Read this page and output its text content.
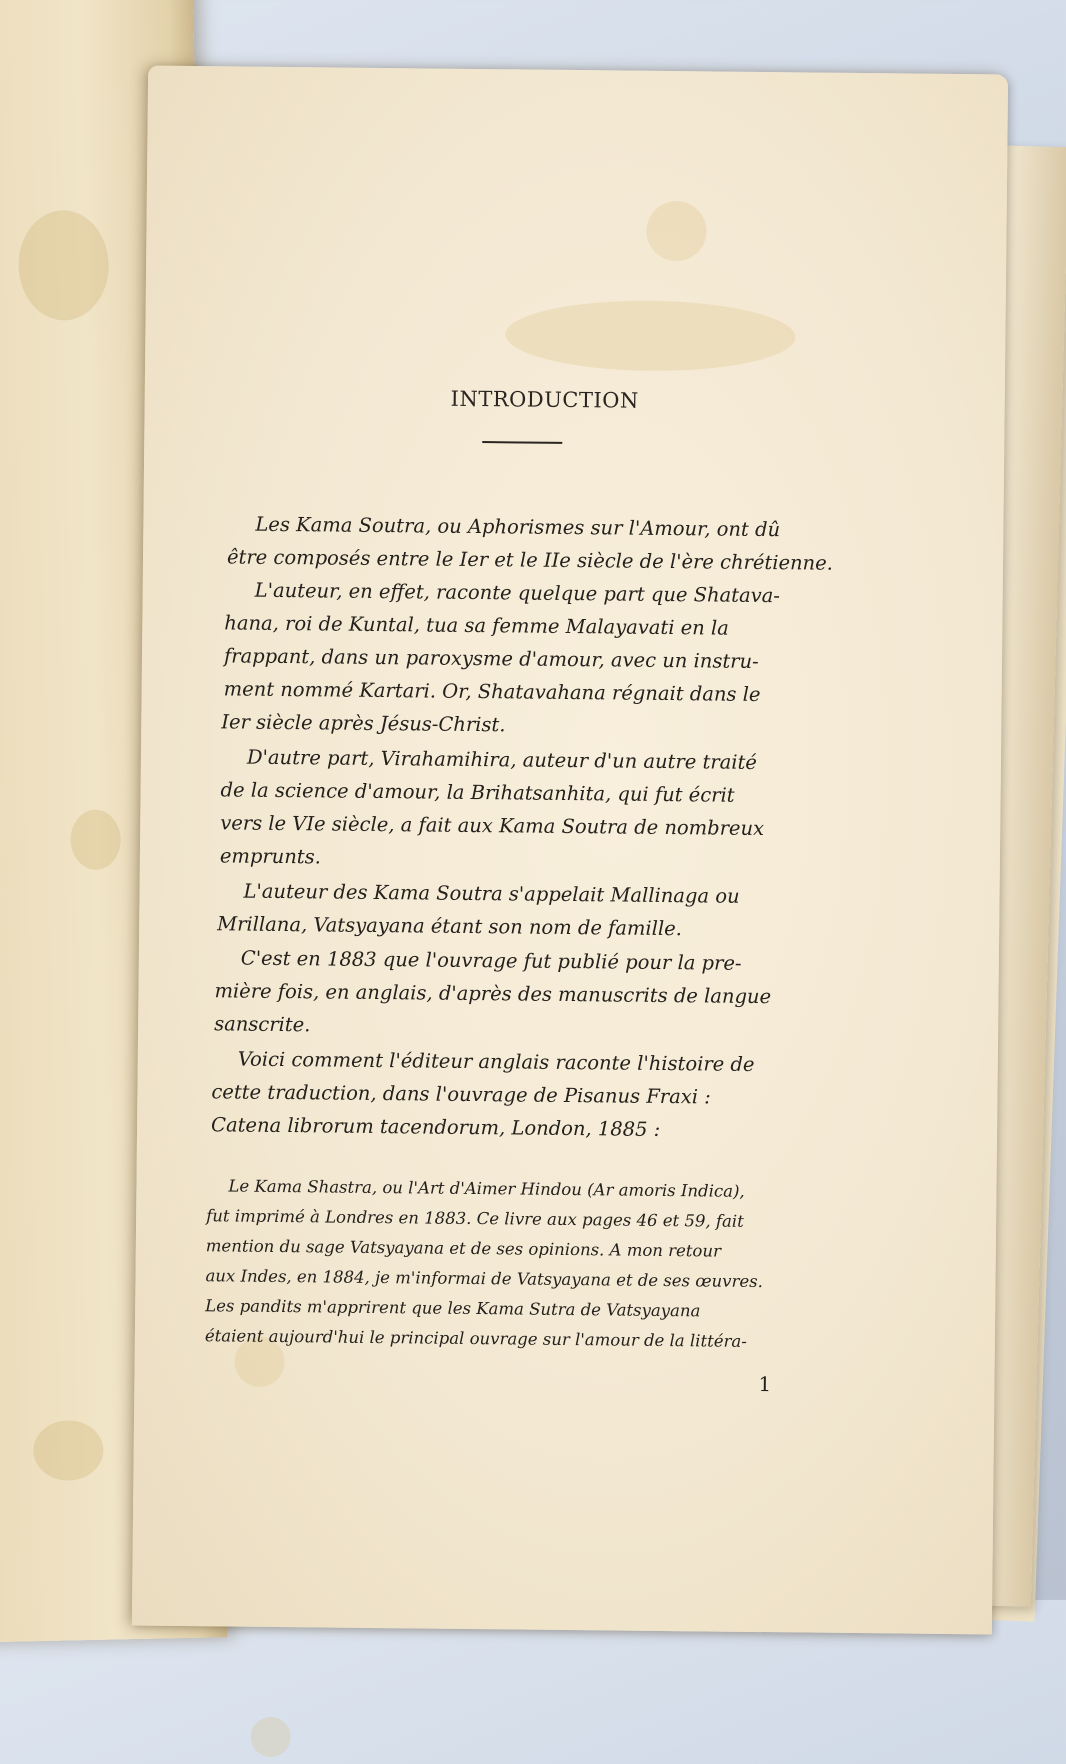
INTRODUCTION
Les Kama Soutra, ou Aphorismes sur l'Amour, ont dû
être composés entre le Ier et le IIe siècle de l'ère chrétienne.
L'auteur, en effet, raconte quelque part que Shatava-
hana, roi de Kuntal, tua sa femme Malayavati en la
frappant, dans un paroxysme d'amour, avec un instru-
ment nommé Kartari. Or, Shatavahana régnait dans le
Ier siècle après Jésus-Christ.
D'autre part, Virahamihira, auteur d'un autre traité
de la science d'amour, la Brihatsanhita, qui fut écrit
vers le VIe siècle, a fait aux Kama Soutra de nombreux
emprunts.
L'auteur des Kama Soutra s'appelait Mallinaga ou
Mrillana, Vatsyayana étant son nom de famille.
C'est en 1883 que l'ouvrage fut publié pour la pre-
mière fois, en anglais, d'après des manuscrits de langue
sanscrite.
Voici comment l'éditeur anglais raconte l'histoire de
cette traduction, dans l'ouvrage de Pisanus Fraxi :
Catena librorum tacendorum, London, 1885 :
Le Kama Shastra, ou l'Art d'Aimer Hindou (Ar amoris Indica),
fut imprimé à Londres en 1883. Ce livre aux pages 46 et 59, fait
mention du sage Vatsyayana et de ses opinions. A mon retour
aux Indes, en 1884, je m'informai de Vatsyayana et de ses œuvres.
Les pandits m'apprirent que les Kama Sutra de Vatsyayana
étaient aujourd'hui le principal ouvrage sur l'amour de la littéra-
1
